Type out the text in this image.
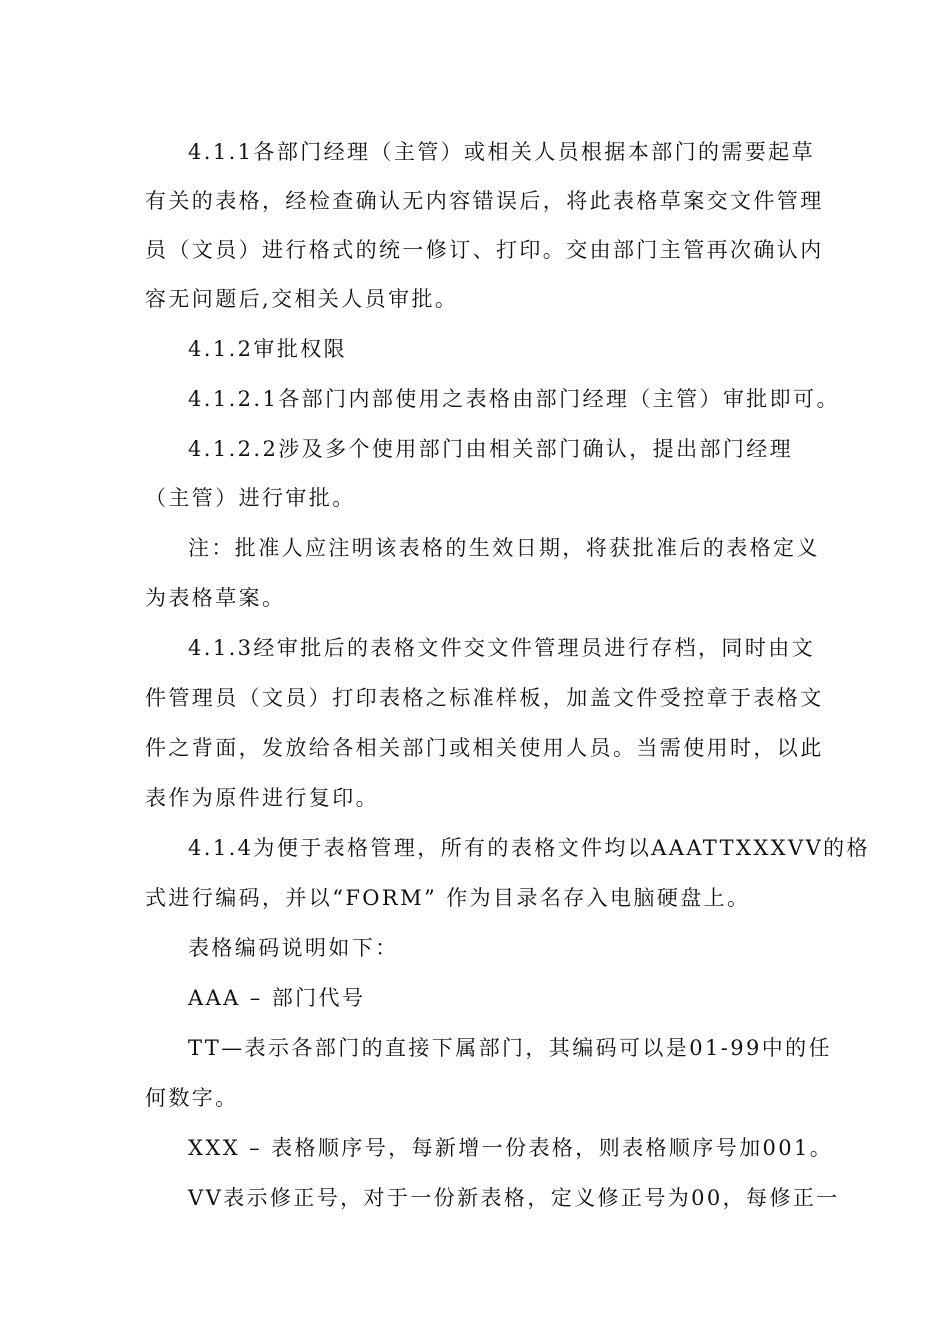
4.1.1各部门经理（主管）或相关人员根据本部门的需要起草
有关的表格，经检查确认无内容错误后，将此表格草案交文件管理
员（文员）进行格式的统一修订、打印。交由部门主管再次确认内
容无问题后,交相关人员审批。
4.1.2审批权限
4.1.2.1各部门内部使用之表格由部门经理（主管）审批即可。
4.1.2.2涉及多个使用部门由相关部门确认，提出部门经理
（主管）进行审批。
注：批准人应注明该表格的生效日期，将获批准后的表格定义
为表格草案。
4.1.3经审批后的表格文件交文件管理员进行存档，同时由文
件管理员（文员）打印表格之标准样板，加盖文件受控章于表格文
件之背面，发放给各相关部门或相关使用人员。当需使用时，以此
表作为原件进行复印。
4.1.4为便于表格管理，所有的表格文件均以AAATTXXXVV的格
式进行编码，并以“FORM” 作为目录名存入电脑硬盘上。
表格编码说明如下：
AAA – 部门代号
TT—表示各部门的直接下属部门，其编码可以是01-99中的任
何数字。
XXX – 表格顺序号，每新增一份表格，则表格顺序号加001。
VV表示修正号，对于一份新表格，定义修正号为00，每修正一
